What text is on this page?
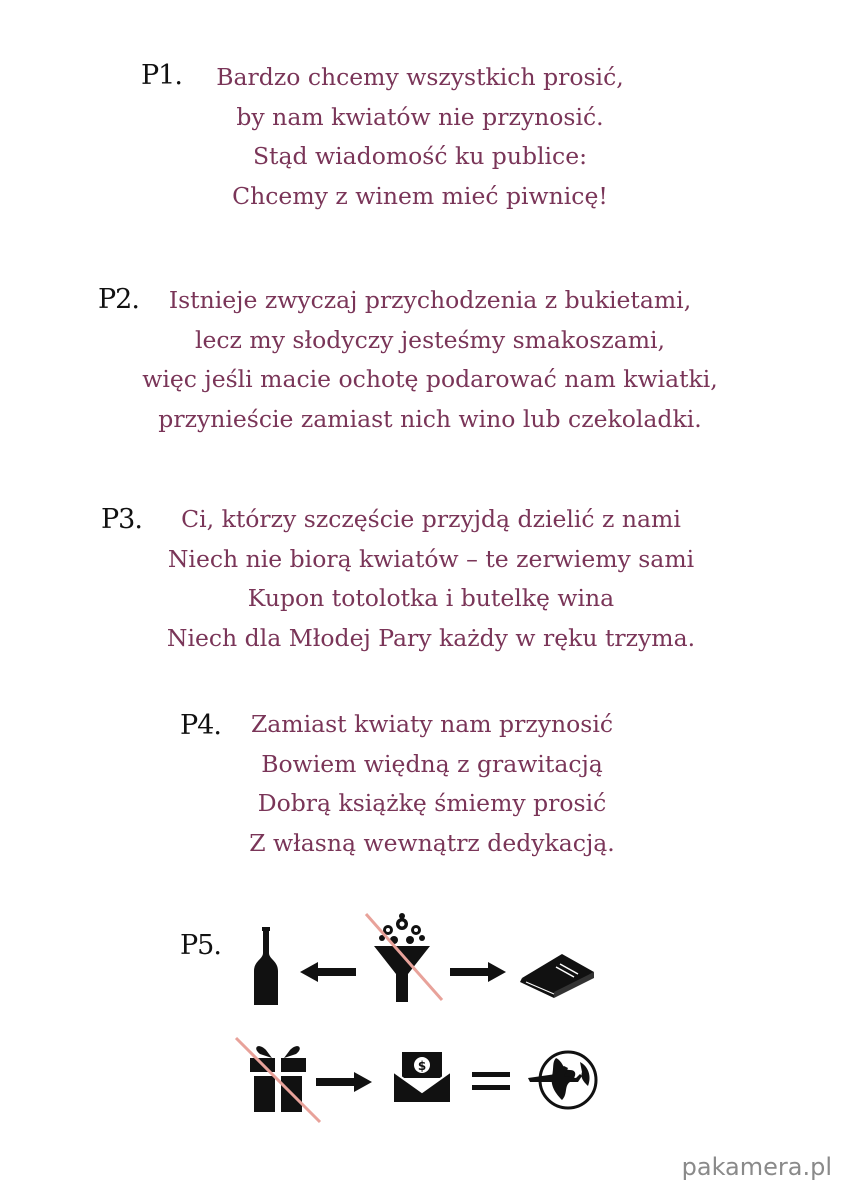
P1.	Bardzo chcemy wszystkich prosić,
by nam kwiatów nie przynosić.
Stąd wiadomość ku publice:
Chcemy z winem mieć piwnicę!
P2.	Istnieje zwyczaj przychodzenia z bukietami,
lecz my słodyczy jesteśmy smakoszami,
więc jeśli macie ochotę podarować nam kwiatki,
przynieście zamiast nich wino lub czekoladki.
P3.	Ci, którzy szczęście przyjdą dzielić z nami
Niech nie biorą kwiatów – te zerwiemy sami
Kupon totolotka i butelkę wina
Niech dla Młodej Pary każdy w ręku trzyma.
P4.	Zamiast kwiaty nam przynosić
Bowiem więdną z grawitacją
Dobrą książkę śmiemy prosić
Z własną wewnątrz dedykacją.
P5.
$
pakamera.pl
